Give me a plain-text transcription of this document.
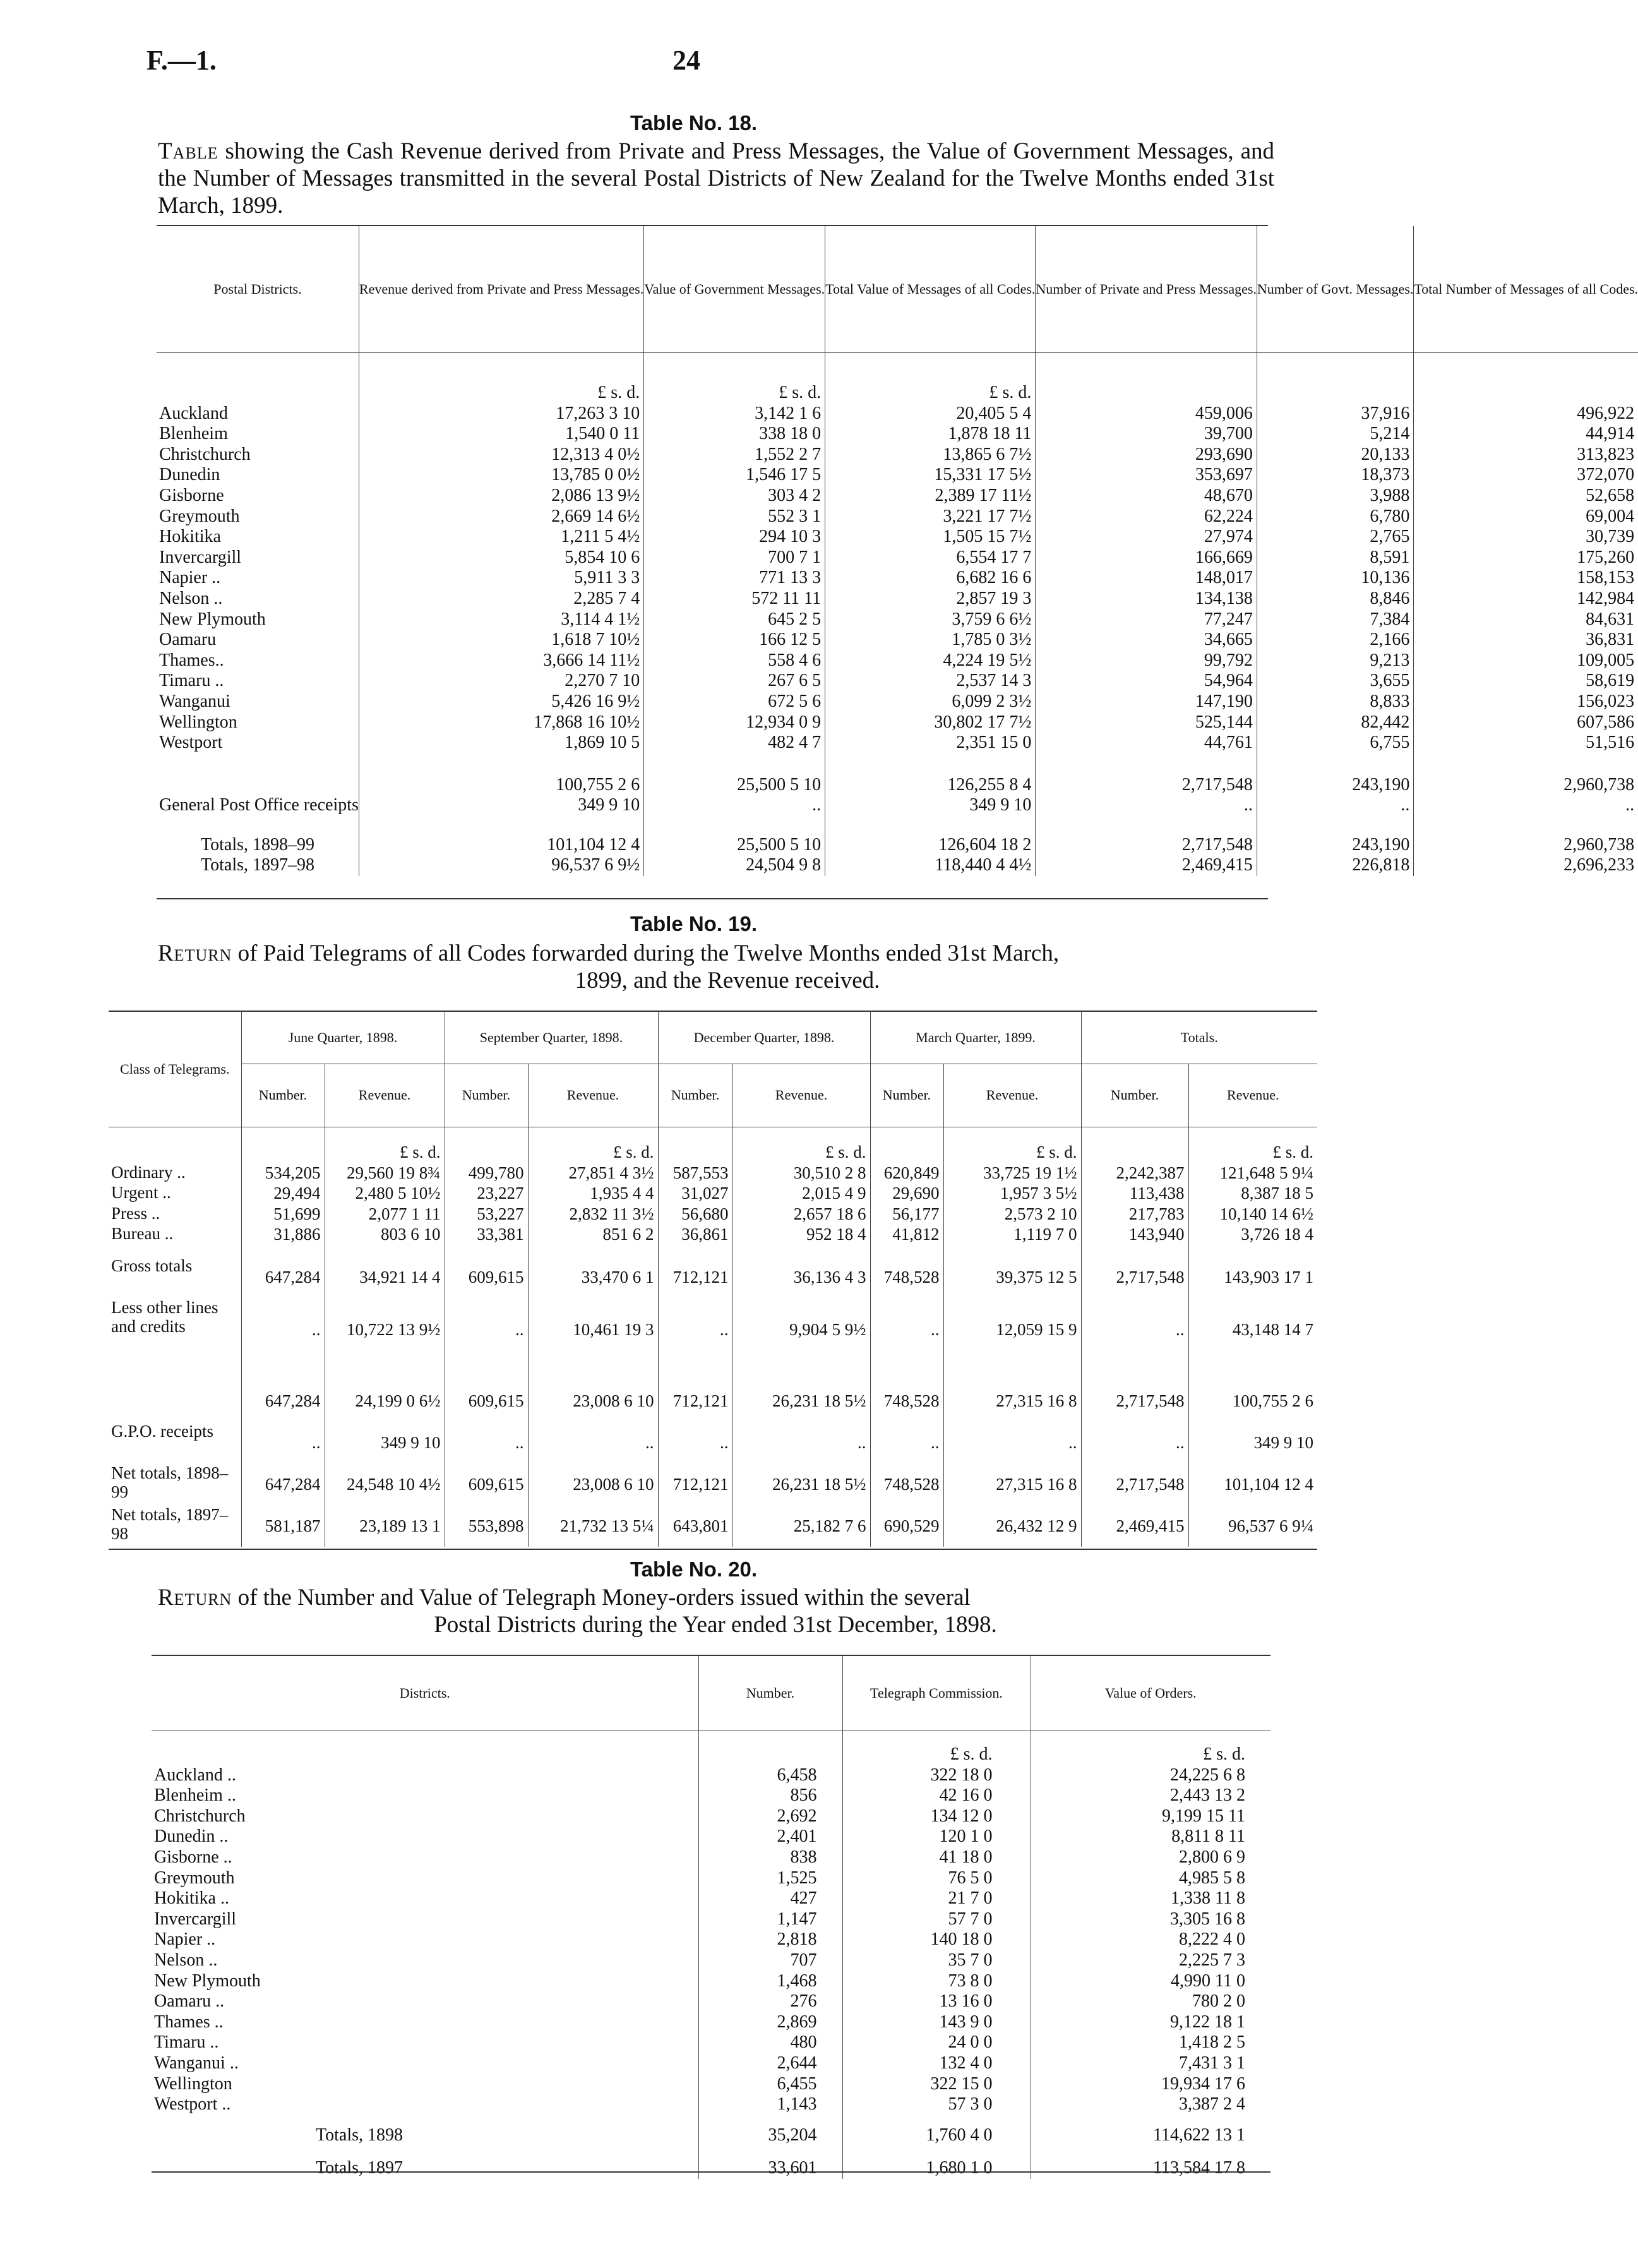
F.—1.	24
Table No. 18.
Table showing the Cash Revenue derived from Private and Press Messages, the Value of Government Messages, and the Number of Messages transmitted in the several Postal Districts of New Zealand for the Twelve Months ended 31st March, 1899.
Postal Districts.	Revenue derived from Private and Press Messages.	Value of Government Messages.	Total Value of Messages of all Codes.	Number of Private and Press Messages.	Number of Govt. Messages.	Total Number of Messages of all Codes.

	£ s. d.	£ s. d.	£ s. d.			
Auckland	17,263 3 10	3,142 1 6	20,405 5 4	459,006	37,916	496,922
Blenheim	1,540 0 11	338 18 0	1,878 18 11	39,700	5,214	44,914
Christchurch	12,313 4 0½	1,552 2 7	13,865 6 7½	293,690	20,133	313,823
Dunedin	13,785 0 0½	1,546 17 5	15,331 17 5½	353,697	18,373	372,070
Gisborne	2,086 13 9½	303 4 2	2,389 17 11½	48,670	3,988	52,658
Greymouth	2,669 14 6½	552 3 1	3,221 17 7½	62,224	6,780	69,004
Hokitika	1,211 5 4½	294 10 3	1,505 15 7½	27,974	2,765	30,739
Invercargill	5,854 10 6	700 7 1	6,554 17 7	166,669	8,591	175,260
Napier ..	5,911 3 3	771 13 3	6,682 16 6	148,017	10,136	158,153
Nelson ..	2,285 7 4	572 11 11	2,857 19 3	134,138	8,846	142,984
New Plymouth	3,114 4 1½	645 2 5	3,759 6 6½	77,247	7,384	84,631
Oamaru	1,618 7 10½	166 12 5	1,785 0 3½	34,665	2,166	36,831
Thames..	3,666 14 11½	558 4 6	4,224 19 5½	99,792	9,213	109,005
Timaru ..	2,270 7 10	267 6 5	2,537 14 3	54,964	3,655	58,619
Wanganui	5,426 16 9½	672 5 6	6,099 2 3½	147,190	8,833	156,023
Wellington	17,868 16 10½	12,934 0 9	30,802 17 7½	525,144	82,442	607,586
Westport	1,869 10 5	482 4 7	2,351 15 0	44,761	6,755	51,516

	100,755 2 6	25,500 5 10	126,255 8 4	2,717,548	243,190	2,960,738
General Post Office receipts	349 9 10	..	349 9 10	..	..	..

Totals, 1898–99	101,104 12 4	25,500 5 10	126,604 18 2	2,717,548	243,190	2,960,738
Totals, 1897–98	96,537 6 9½	24,504 9 8	118,440 4 4½	2,469,415	226,818	2,696,233
Table No. 19.
Return of Paid Telegrams of all Codes forwarded during the Twelve Months ended 31st March,
1899, and the Revenue received.
Class of Telegrams.	June Quarter, 1898.		September Quarter, 1898.		December Quarter, 1898.		March Quarter, 1899.		Totals.	
	Number.	Revenue.	Number.	Revenue.	Number.	Revenue.	Number.	Revenue.	Number.	Revenue.

		£ s. d.		£ s. d.		£ s. d.		£ s. d.		£ s. d.
Ordinary ..	534,205	29,560 19 8¾	499,780	27,851 4 3½	587,553	30,510 2 8	620,849	33,725 19 1½	2,242,387	121,648 5 9¼
Urgent ..	29,494	2,480 5 10½	23,227	1,935 4 4	31,027	2,015 4 9	29,690	1,957 3 5½	113,438	8,387 18 5
Press ..	51,699	2,077 1 11	53,227	2,832 11 3½	56,680	2,657 18 6	56,177	2,573 2 10	217,783	10,140 14 6½
Bureau ..	31,886	803 6 10	33,381	851 6 2	36,861	952 18 4	41,812	1,119 7 0	143,940	3,726 18 4

Gross totals	647,284	34,921 14 4	609,615	33,470 6 1	712,121	36,136 4 3	748,528	39,375 12 5	2,717,548	143,903 17 1
Less other lines and credits	..	10,722 13 9½	..	10,461 19 3	..	9,904 5 9½	..	12,059 15 9	..	43,148 14 7

	647,284	24,199 0 6½	609,615	23,008 6 10	712,121	26,231 18 5½	748,528	27,315 16 8	2,717,548	100,755 2 6
G.P.O. receipts	..	349 9 10	..	..	..	..	..	..	..	349 9 10
Net totals, 1898–99	647,284	24,548 10 4½	609,615	23,008 6 10	712,121	26,231 18 5½	748,528	27,315 16 8	2,717,548	101,104 12 4
Net totals, 1897–98	581,187	23,189 13 1	553,898	21,732 13 5¼	643,801	25,182 7 6	690,529	26,432 12 9	2,469,415	96,537 6 9¼
Table No. 20.
Return of the Number and Value of Telegraph Money-orders issued within the several
Postal Districts during the Year ended 31st December, 1898.
Districts.	Number.	Telegraph Commission.	Value of Orders.

		£ s. d.	£ s. d.
Auckland ..	6,458	322 18 0	24,225 6 8
Blenheim ..	856	42 16 0	2,443 13 2
Christchurch	2,692	134 12 0	9,199 15 11
Dunedin ..	2,401	120 1 0	8,811 8 11
Gisborne ..	838	41 18 0	2,800 6 9
Greymouth	1,525	76 5 0	4,985 5 8
Hokitika ..	427	21 7 0	1,338 11 8
Invercargill	1,147	57 7 0	3,305 16 8
Napier ..	2,818	140 18 0	8,222 4 0
Nelson ..	707	35 7 0	2,225 7 3
New Plymouth	1,468	73 8 0	4,990 11 0
Oamaru ..	276	13 16 0	780 2 0
Thames ..	2,869	143 9 0	9,122 18 1
Timaru ..	480	24 0 0	1,418 2 5
Wanganui ..	2,644	132 4 0	7,431 3 1
Wellington	6,455	322 15 0	19,934 17 6
Westport ..	1,143	57 3 0	3,387 2 4

Totals, 1898	35,204	1,760 4 0	114,622 13 1

Totals, 1897	33,601	1,680 1 0	113,584 17 8
